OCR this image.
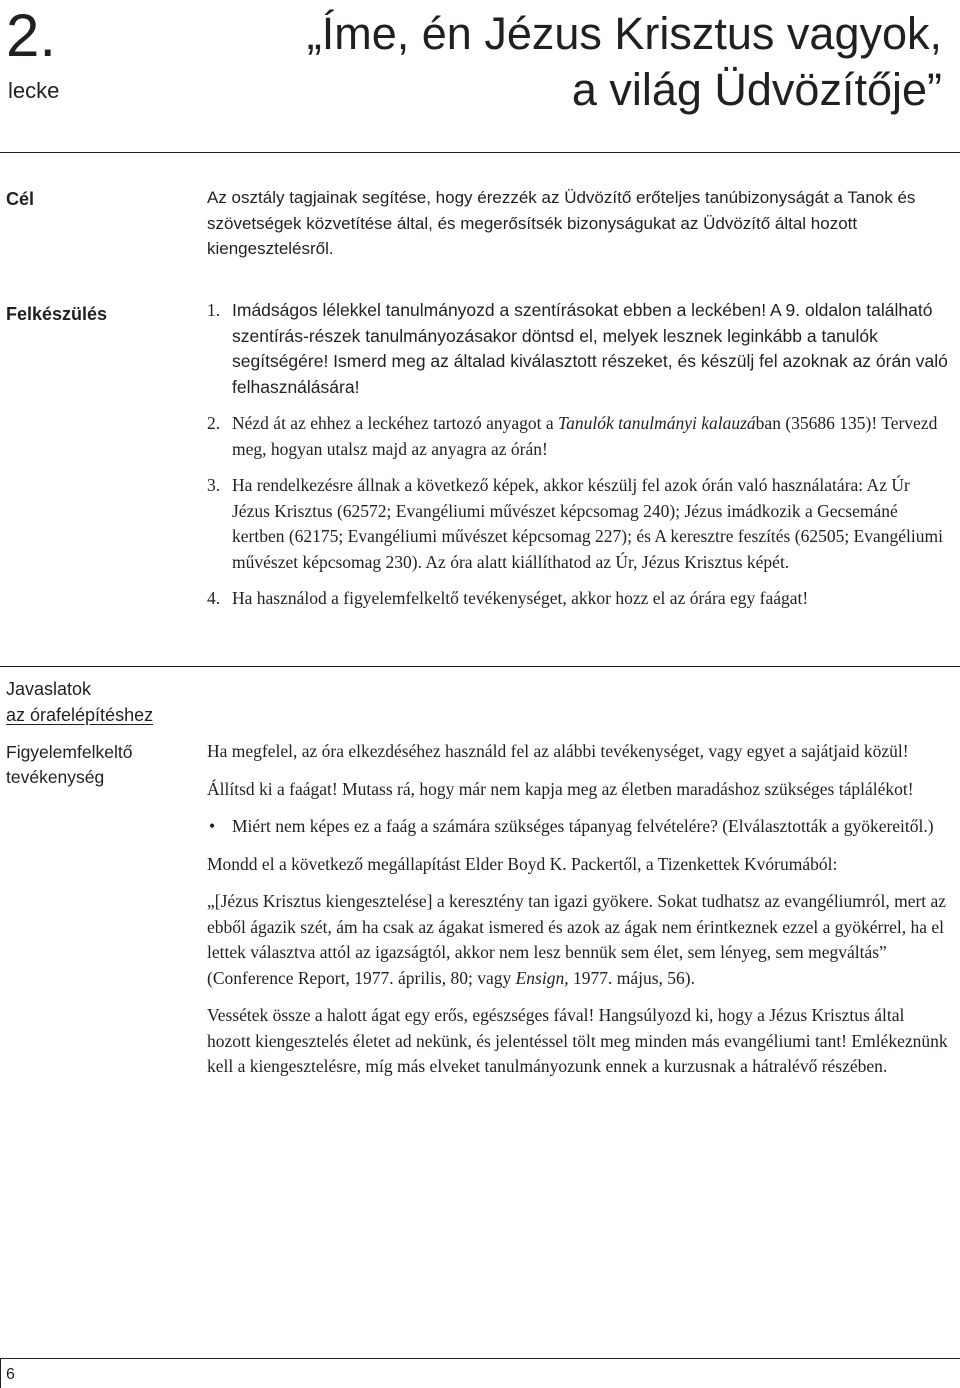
2.
lecke
„Íme, én Jézus Krisztus vagyok,
a világ Üdvözítője”
Cél	Az osztály tagjainak segítése, hogy érezzék az Üdvözítő erőteljes tanúbizonyságát a Tanok és szövetségek közvetítése által, és megerősítsék bizonyságukat az Üdvözítő által hozott kiengesztelésről.
Felkészülés	1. Imádságos lélekkel tanulmányozd a szentírásokat ebben a leckében! A 9. oldalon található szentírás-részek tanulmányozásakor döntsd el, melyek lesznek leginkább a tanulók segítségére! Ismerd meg az általad kiválasztott részeket, és készülj fel azoknak az órán való felhasználására!
2. Nézd át az ehhez a leckéhez tartozó anyagot a Tanulók tanulmányi kalauzában (35686 135)! Tervezd meg, hogyan utalsz majd az anyagra az órán!
3. Ha rendelkezésre állnak a következő képek, akkor készülj fel azok órán való használatára: Az Úr Jézus Krisztus (62572; Evangéliumi művészet képcsomag 240); Jézus imádkozik a Gecsemáné kertben (62175; Evangéliumi művészet képcsomag 227); és A keresztre feszítés (62505; Evangéliumi művészet képcsomag 230). Az óra alatt kiállíthatod az Úr, Jézus Krisztus képét.
4. Ha használod a figyelemfelkeltő tevékenységet, akkor hozz el az órára egy faágat!
Javaslatok
az órafelépítéshez
Figyelemfelkeltő
tevékenység

Ha megfelel, az óra elkezdéséhez használd fel az alábbi tevékenységet, vagy egyet a sajátjaid közül!

Állítsd ki a faágat! Mutass rá, hogy már nem kapja meg az életben maradáshoz szükséges táplálékot!

• Miért nem képes ez a faág a számára szükséges tápanyag felvételére? (Elválasztották a gyökereitől.)

Mondd el a következő megállapítást Elder Boyd K. Packertől, a Tizenkettek Kvórumából:

„[Jézus Krisztus kiengesztelése] a keresztény tan igazi gyökere. Sokat tudhatsz az evangéliumról, mert az ebből ágazik szét, ám ha csak az ágakat ismered és azok az ágak nem érintkeznek ezzel a gyökérrel, ha el lettek választva attól az igazságtól, akkor nem lesz bennük sem élet, sem lényeg, sem megváltás” (Conference Report, 1977. április, 80; vagy Ensign, 1977. május, 56).

Vessétek össze a halott ágat egy erős, egészséges fával! Hangsúlyozd ki, hogy a Jézus Krisztus által hozott kiengesztelés életet ad nekünk, és jelentéssel tölt meg minden más evangéliumi tant! Emlékeznünk kell a kiengesztelésre, míg más elveket tanulmányozunk ennek a kurzusnak a hátralévő részében.

6
